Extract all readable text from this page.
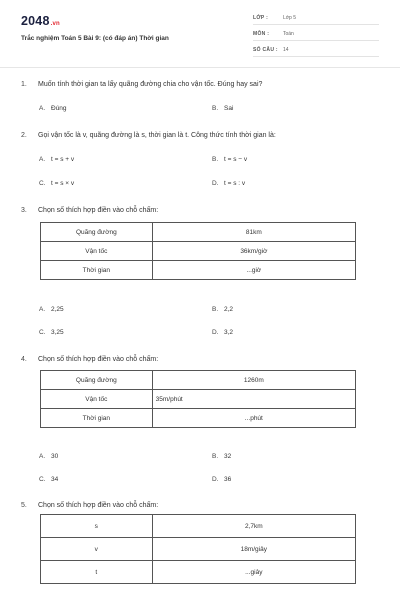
2048.vn
Trắc nghiệm Toán 5 Bài 9: (có đáp án) Thời gian
LỚP :	Lớp 5
MÔN :	Toán
SỐ CÂU : 14
1. Muốn tính thời gian ta lấy quãng đường chia cho vận tốc. Đúng hay sai?
A. Đúng	B. Sai
2. Gọi vận tốc là v, quãng đường là s, thời gian là t. Công thức tính thời gian là:
A. t = s + v	B. t = s − v
C. t = s × v	D. t = s : v
3. Chọn số thích hợp điền vào chỗ chấm:
Quãng đường	81km
Vận tốc	36km/giờ
Thời gian	...giờ
A. 2,25	B. 2,2
C. 3,25	D. 3,2
4. Chọn số thích hợp điền vào chỗ chấm:
Quãng đường	1260m
Vận tốc	35m/phút
Thời gian	...phút
A. 30	B. 32
C. 34	D. 36
5. Chọn số thích hợp điền vào chỗ chấm:
s	2,7km
v	18m/giây
t	...giây
